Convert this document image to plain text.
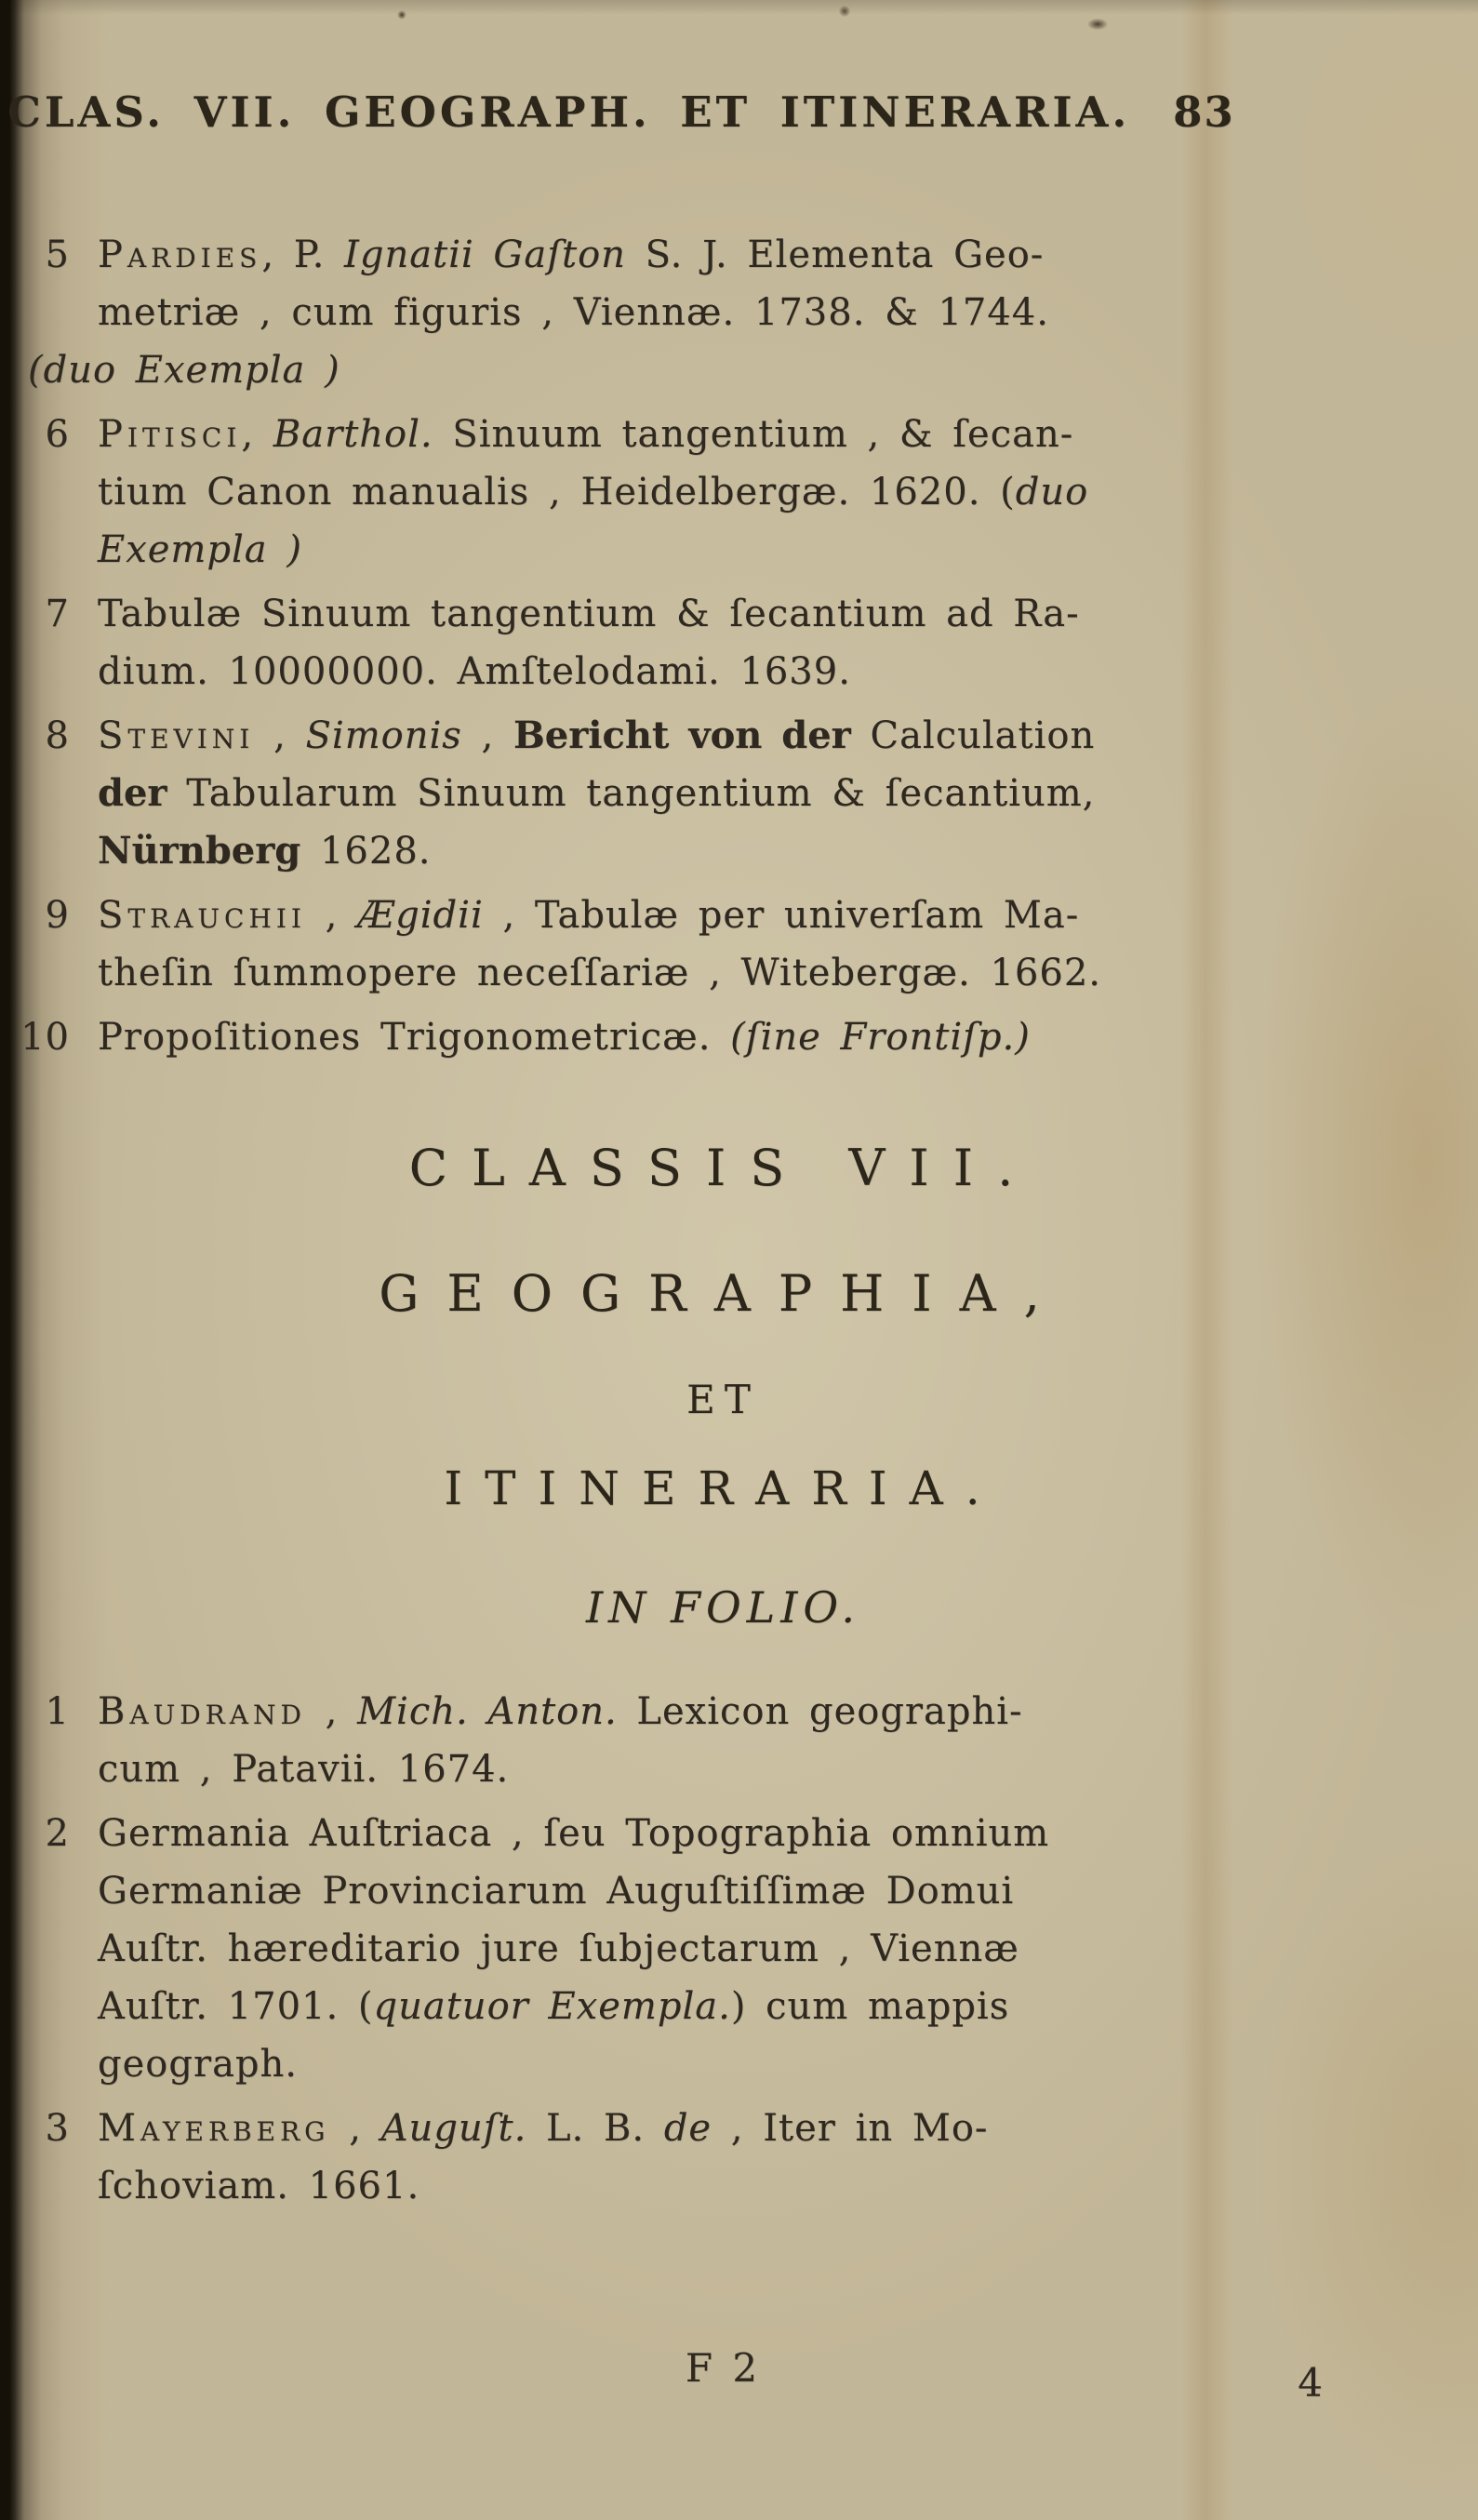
CLAS. VII. GEOGRAPH. ET ITINERARIA. 83
5 Pardies, P. Ignatii Gaſton S. J. Elementa Geo-
metriæ , cum figuris , Viennæ. 1738. & 1744.
(duo Exempla )
6 Pitisci, Barthol. Sinuum tangentium , & ſecan-
tium Canon manualis , Heidelbergæ. 1620. (duo
Exempla )
7 Tabulæ Sinuum tangentium & ſecantium ad Ra-
dium. 10000000. Amſtelodami. 1639.
8 Stevini , Simonis , Bericht von der Calculation
der Tabularum Sinuum tangentium & ſecantium,
Nürnberg 1628.
9 Strauchii , Ægidii , Tabulæ per univerſam Ma-
theſin ſummopere neceſſariæ , Witebergæ. 1662.
10 Propoſitiones Trigonometricæ. (ſine Frontiſp.)
CLASSIS VII.
GEOGRAPHIA,
ET
ITINERARIA.
IN FOLIO.
1 Baudrand , Mich. Anton. Lexicon geographi-
cum , Patavii. 1674.
2 Germania Auſtriaca , ſeu Topographia omnium
Germaniæ Provinciarum Auguſtiſſimæ Domui
Auſtr. hæreditario jure ſubjectarum , Viennæ
Auſtr. 1701. (quatuor Exempla.) cum mappis
geograph.
3 Mayerberg , Auguſt. L. B. de , Iter in Mo-
ſchoviam. 1661.
F 2	4
